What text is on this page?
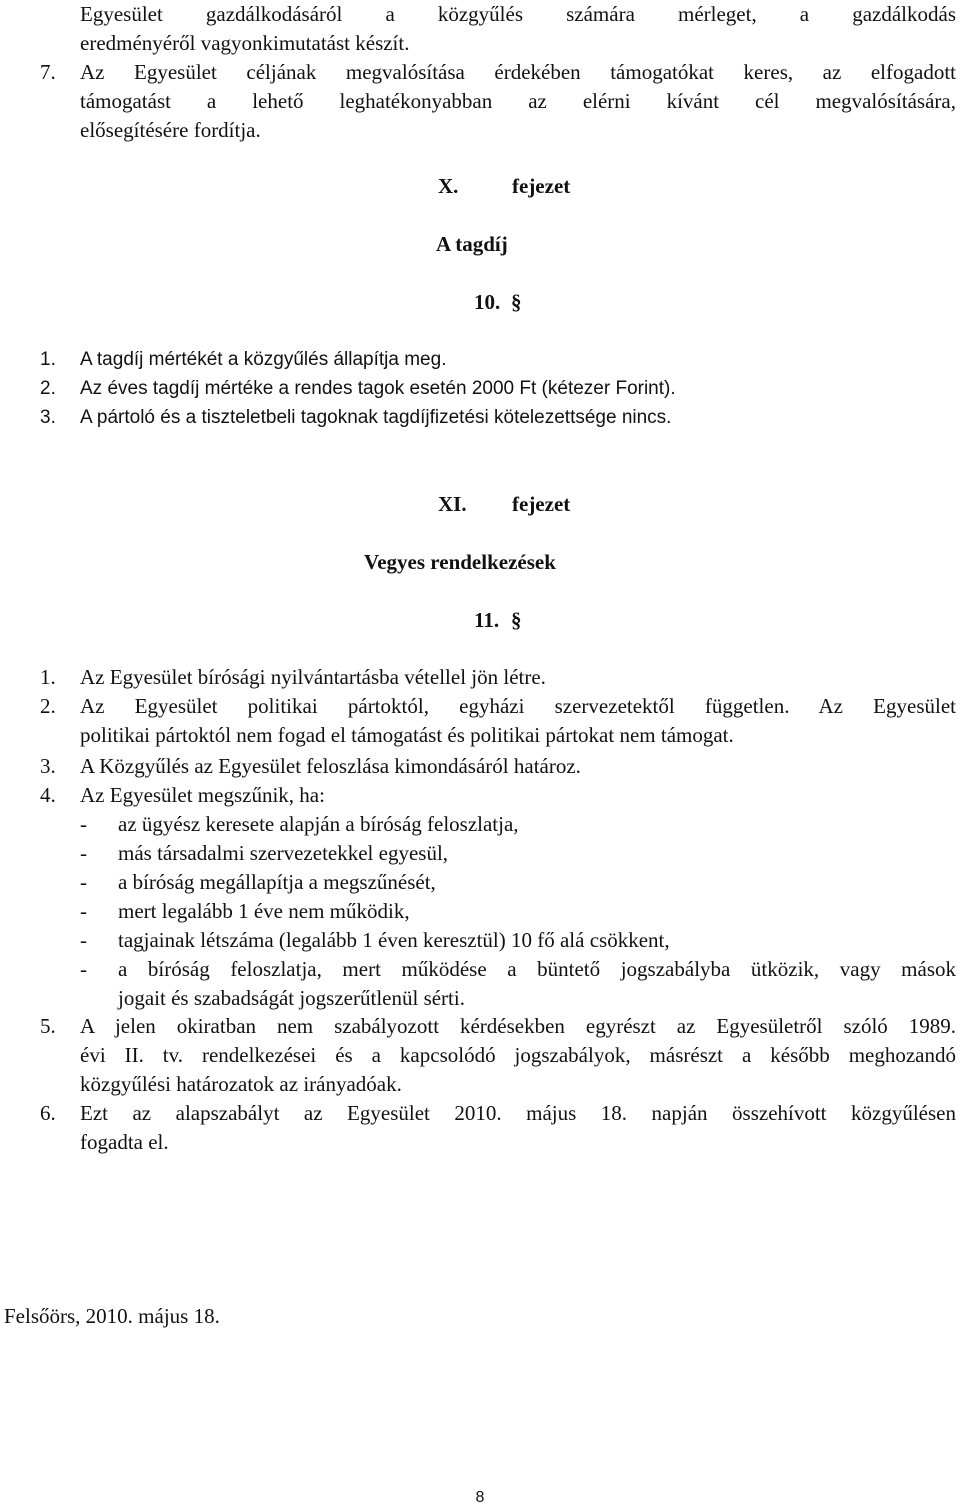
Egyesület gazdálkodásáról a közgyűlés számára mérleget, a gazdálkodás

eredményéről vagyonkimutatást készít.

7. Az Egyesület céljának megvalósítása érdekében támogatókat keres, az elfogadott

támogatást a lehető leghatékonyabban az elérni kívánt cél megvalósítására,

elősegítésére fordítja.

X.	fejezet
A tagdíj
10. §
1. A tagdíj mértékét a közgyűlés állapítja meg.

2. Az éves tagdíj mértéke a rendes tagok esetén 2000 Ft (kétezer Forint).

3. A pártoló és a tiszteletbeli tagoknak tagdíjfizetési kötelezettsége nincs.

XI. fejezet
Vegyes rendelkezések
11. §
1. Az Egyesület bírósági nyilvántartásba vétellel jön létre.

2. Az Egyesület politikai pártoktól, egyházi szervezetektől független. Az Egyesület

politikai pártoktól nem fogad el támogatást és politikai pártokat nem támogat.

3. A Közgyűlés az Egyesület feloszlása kimondásáról határoz.

4. Az Egyesület megszűnik, ha:

- az ügyész keresete alapján a bíróság feloszlatja,

- más társadalmi szervezetekkel egyesül,

- a bíróság megállapítja a megszűnését,

- mert legalább 1 éve nem működik,

- tagjainak létszáma (legalább 1 éven keresztül) 10 fő alá csökkent,

- a bíróság feloszlatja, mert működése a büntető jogszabályba ütközik, vagy mások

jogait és szabadságát jogszerűtlenül sérti.

5. A jelen okiratban nem szabályozott kérdésekben egyrészt az Egyesületről szóló 1989.

évi II. tv. rendelkezései és a kapcsolódó jogszabályok, másrészt a később meghozandó

közgyűlési határozatok az irányadóak.

6. Ezt az alapszabályt az Egyesület 2010. május 18. napján összehívott közgyűlésen

fogadta el.

Felsőörs, 2010. május 18.
8
